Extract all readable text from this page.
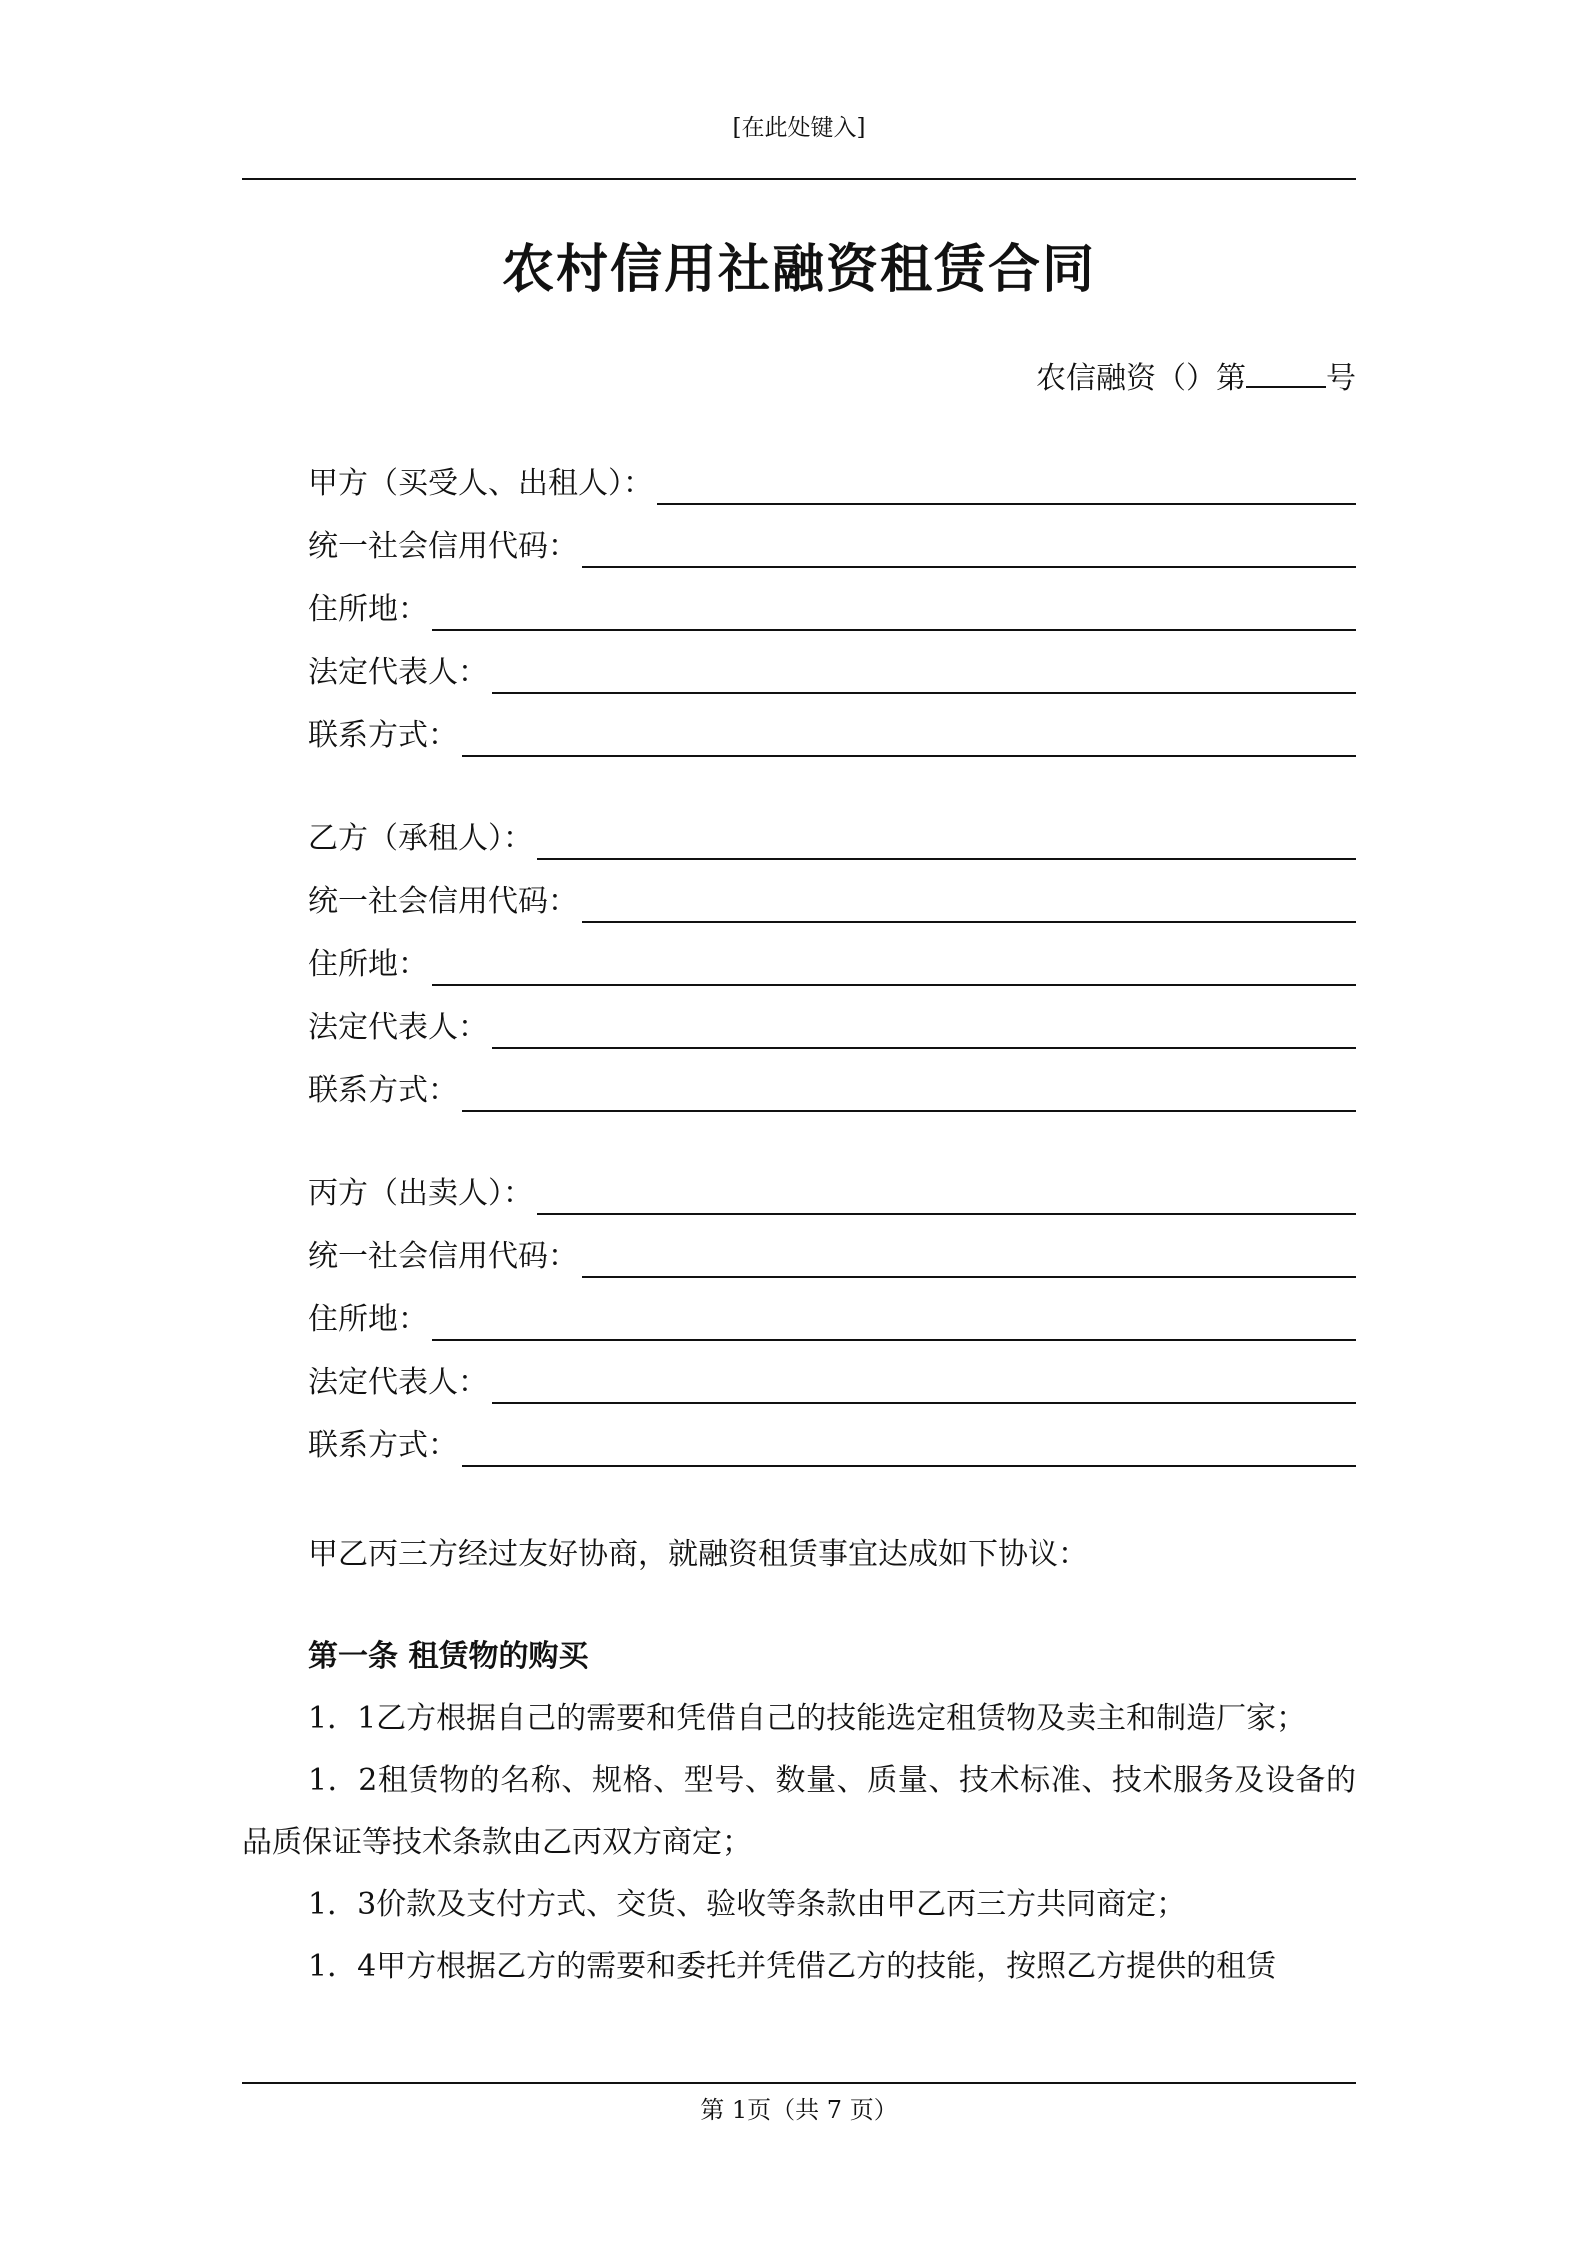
[在此处键入]
农村信用社融资租赁合同
农信融资（）第	号
甲方（买受人、出租人）：
统一社会信用代码：
住所地：
法定代表人：
联系方式：
乙方（承租人）：
统一社会信用代码：
住所地：
法定代表人：
联系方式：
丙方（出卖人）：
统一社会信用代码：
住所地：
法定代表人：
联系方式：
甲乙丙三方经过友好协商，就融资租赁事宜达成如下协议：
第一条 租赁物的购买

1．1乙方根据自己的需要和凭借自己的技能选定租赁物及卖主和制造厂家；

1．2租赁物的名称、规格、型号、数量、质量、技术标准、技术服务及设备的品质保证等技术条款由乙丙双方商定；

1．3价款及支付方式、交货、验收等条款由甲乙丙三方共同商定；

1．4甲方根据乙方的需要和委托并凭借乙方的技能，按照乙方提供的租赁

第 1页（共 7 页）
